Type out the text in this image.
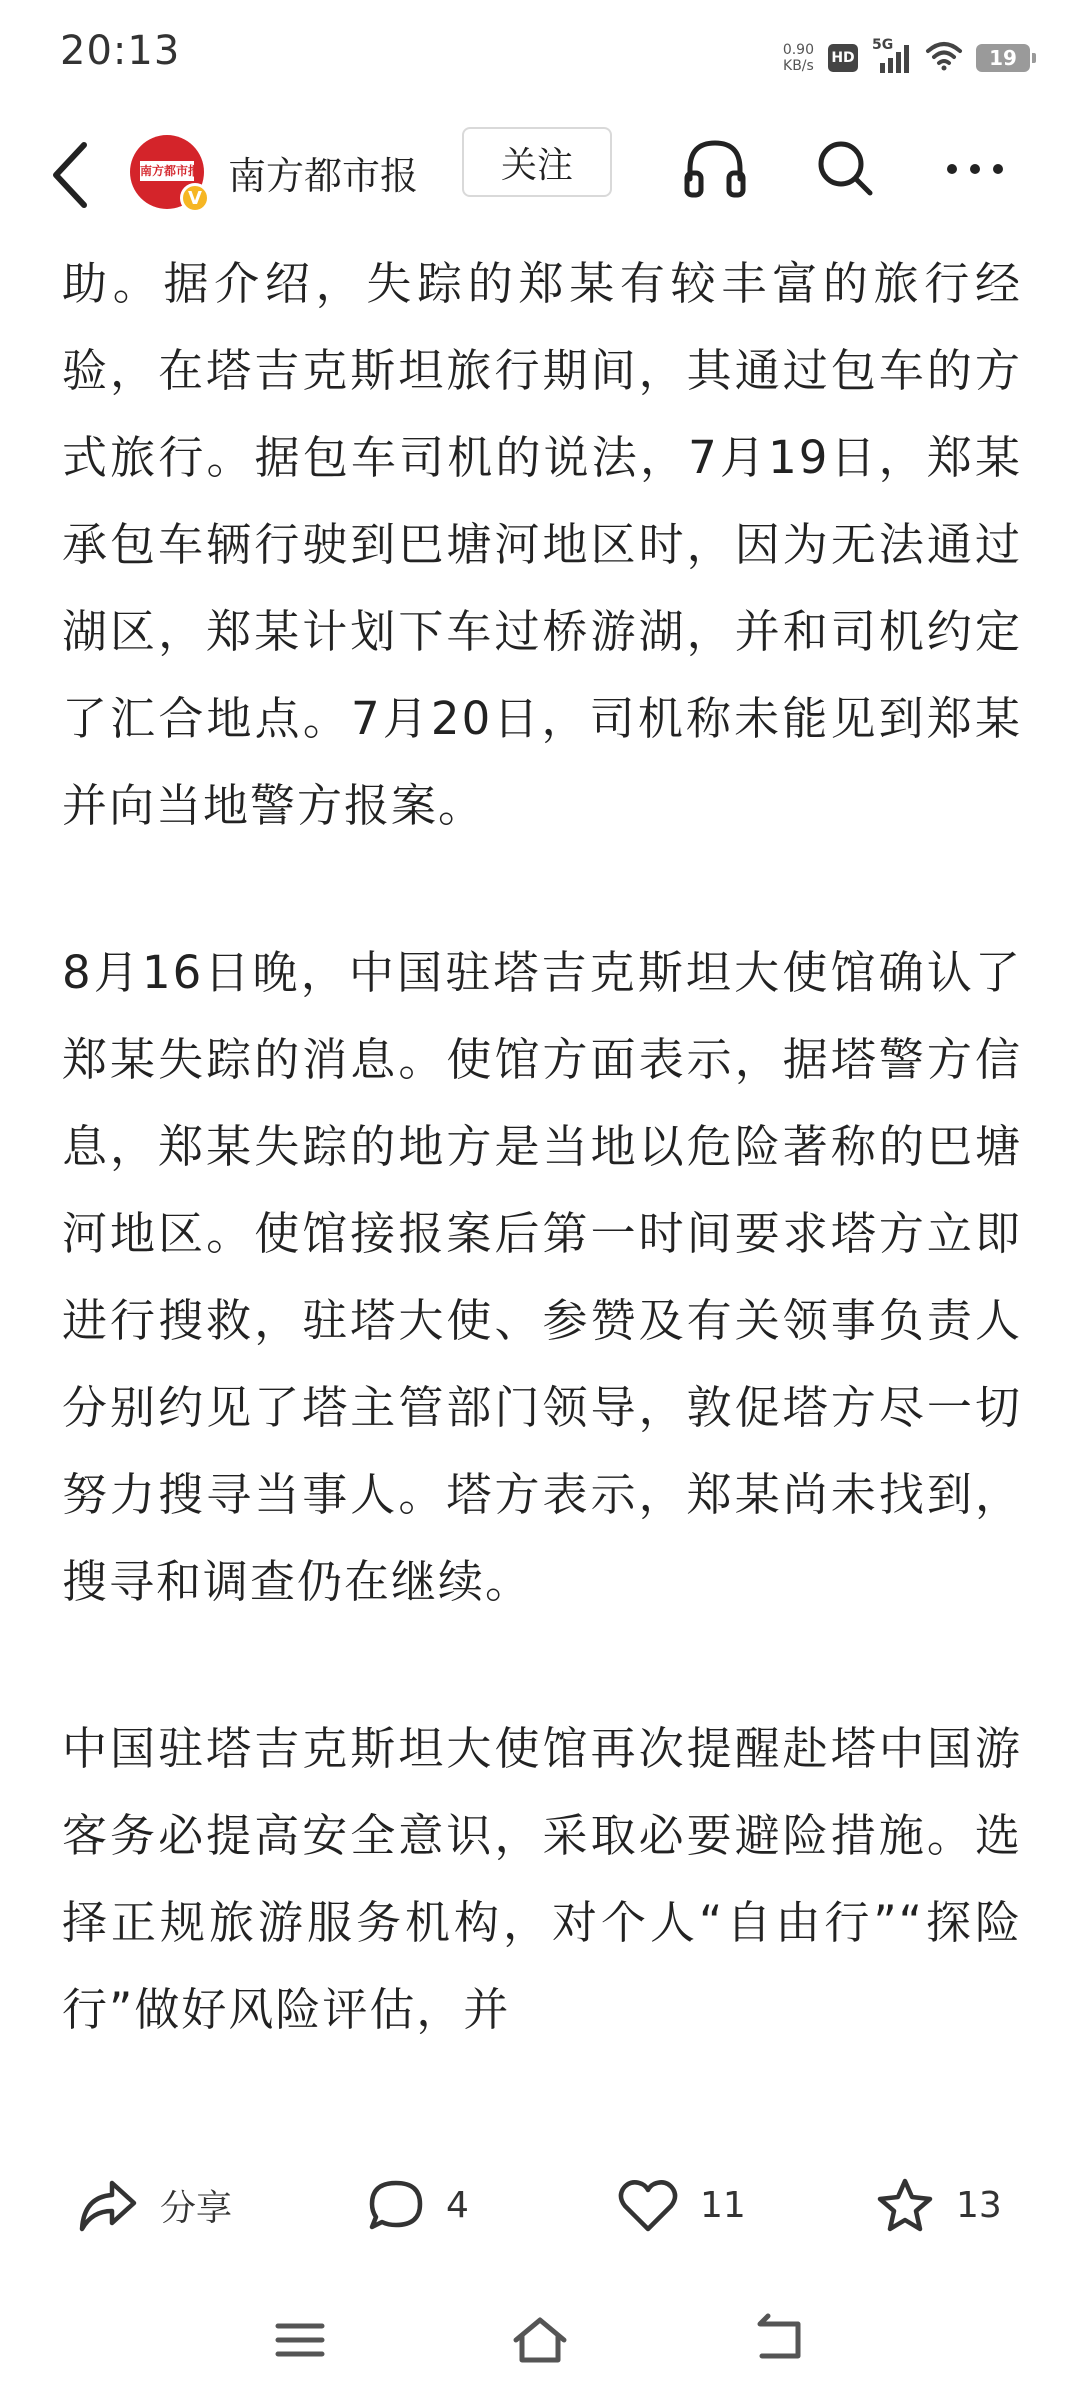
20:13	0.90
KB/s HD
5G
19
南方都市报
V 南方都市报	关注

助。据介绍，失踪的郑某有较丰富的旅行经验，在塔吉克斯坦旅行期间，其通过包车的方式旅行。据包车司机的说法，7月19日，郑某承包车辆行驶到巴塘河地区时，因为无法通过湖区，郑某计划下车过桥游湖，并和司机约定了汇合地点。7月20日，司机称未能见到郑某并向当地警方报案。

8月16日晚，中国驻塔吉克斯坦大使馆确认了郑某失踪的消息。使馆方面表示，据塔警方信息，郑某失踪的地方是当地以危险著称的巴塘河地区。使馆接报案后第一时间要求塔方立即进行搜救，驻塔大使、参赞及有关领事负责人分别约见了塔主管部门领导，敦促塔方尽一切努力搜寻当事人。塔方表示，郑某尚未找到，搜寻和调查仍在继续。

中国驻塔吉克斯坦大使馆再次提醒赴塔中国游客务必提高安全意识，采取必要避险措施。选择正规旅游服务机构，对个人“自由行”“探险行”做好风险评估，并

分享	4	11	13
